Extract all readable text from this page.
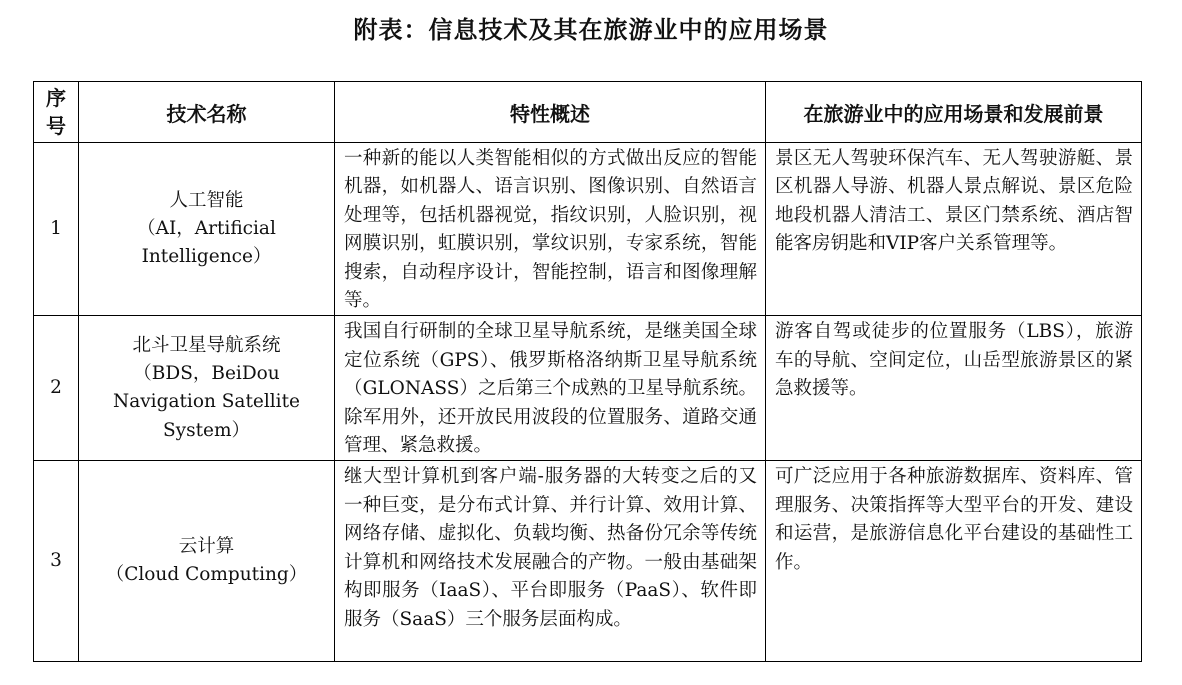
附表：信息技术及其在旅游业中的应用场景
序
号	技术名称	特性概述	在旅游业中的应用场景和发展前景
1	人工智能
（AI，Artificial
Intelligence）	一种新的能以人类智能相似的方式做出反应的智能机器，如机器人、语言识别、图像识别、自然语言处理等，包括机器视觉，指纹识别，人脸识别，视网膜识别，虹膜识别，掌纹识别，专家系统，智能搜索，自动程序设计，智能控制，语言和图像理解等。	景区无人驾驶环保汽车、无人驾驶游艇、景区机器人导游、机器人景点解说、景区危险地段机器人清洁工、景区门禁系统、酒店智能客房钥匙和VIP客户关系管理等。
2	北斗卫星导航系统
（BDS，BeiDou
Navigation Satellite
System）	我国自行研制的全球卫星导航系统，是继美国全球定位系统（GPS）、俄罗斯格洛纳斯卫星导航系统（GLONASS）之后第三个成熟的卫星导航系统。除军用外，还开放民用波段的位置服务、道路交通管理、紧急救援。	游客自驾或徒步的位置服务（LBS），旅游车的导航、空间定位，山岳型旅游景区的紧急救援等。
3	云计算
（Cloud Computing）	继大型计算机到客户端-服务器的大转变之后的又一种巨变，是分布式计算、并行计算、效用计算、网络存储、虚拟化、负载均衡、热备份冗余等传统计算机和网络技术发展融合的产物。一般由基础架构即服务（IaaS）、平台即服务（PaaS）、软件即服务（SaaS）三个服务层面构成。	可广泛应用于各种旅游数据库、资料库、管理服务、决策指挥等大型平台的开发、建设和运营，是旅游信息化平台建设的基础性工作。
